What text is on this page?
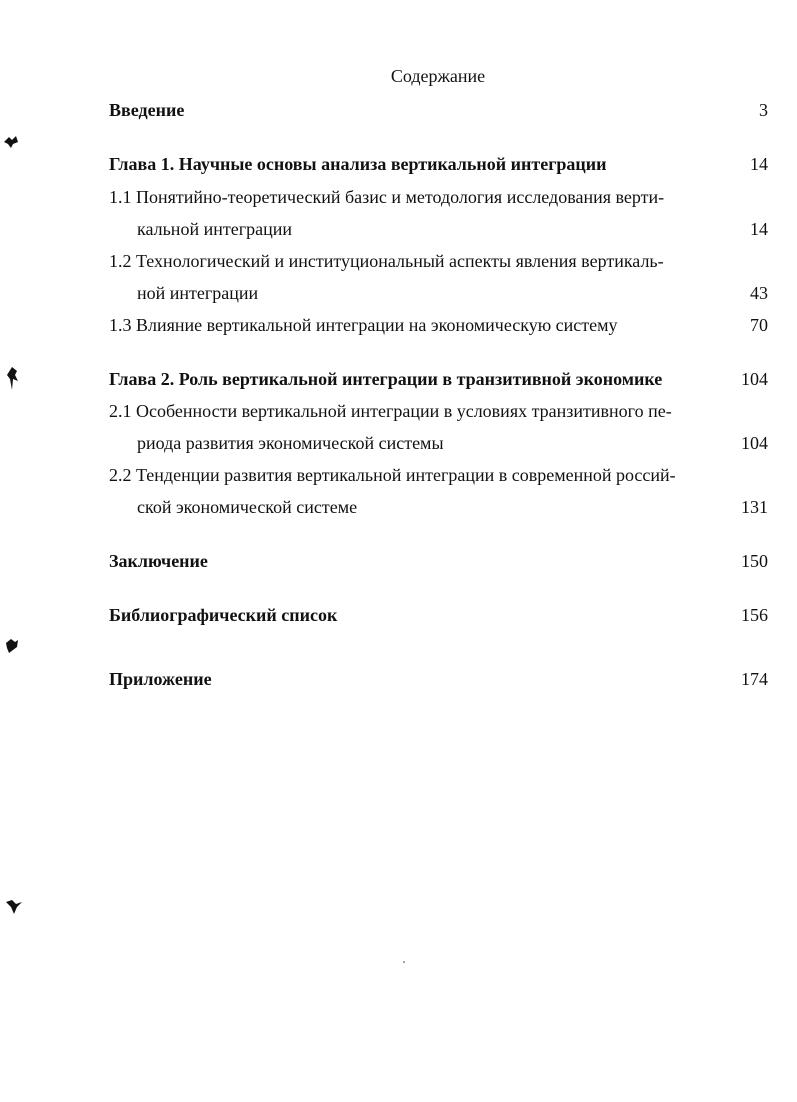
Содержание
Введение	3
Глава 1. Научные основы анализа вертикальной интеграции	14
1.1 Понятийно-теоретический базис и методология исследования верти-
кальной интеграции	14
1.2 Технологический и институциональный аспекты явления вертикаль-
ной интеграции	43
1.3 Влияние вертикальной интеграции на экономическую систему	70
Глава 2. Роль вертикальной интеграции в транзитивной экономике	104
2.1 Особенности вертикальной интеграции в условиях транзитивного пе-
риода развития экономической системы	104
2.2 Тенденции развития вертикальной интеграции в современной россий-
ской экономической системе	131
Заключение	150
Библиографический список	156
Приложение	174
